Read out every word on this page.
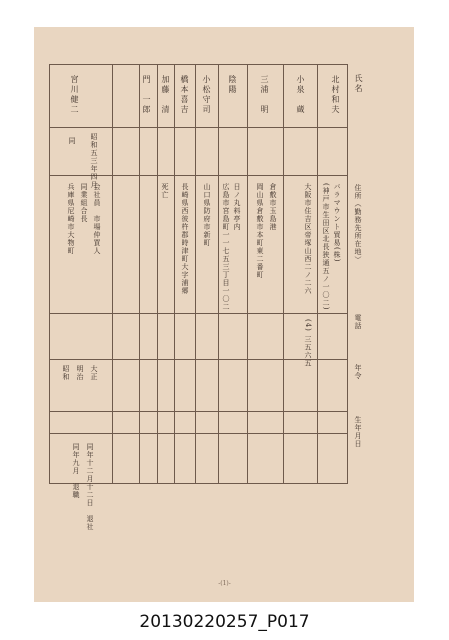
北村和夫
小泉　蔵
三浦　明
陰陽
小松守司
橋本喜吉
加藤　清
門　一郎
宮川健二
昭和五三年四月
同
バラマウント貿易(株)
(神戸市生田区北長狭通五ノ一〇二)
大阪市住吉区帝塚山西二ノ二六
倉敷市玉島港
岡山県倉敷市本町東二番町
日ノ丸料亭内
広島市宮島町一一七五三丁目一〇二
山口県防府市新町
長崎県西彼杵郡時津町大字浦郷
死亡
会社員　市場仲買人
同業組合長
兵庫県尼崎市大物町
(4) 三五六五
大正
明治
昭和
同年十二月十二日　退社
同年九月　退職
氏名
住所（勤務先所在地）
電話
年令
生年月日
-(1)-
20130220257_P017
